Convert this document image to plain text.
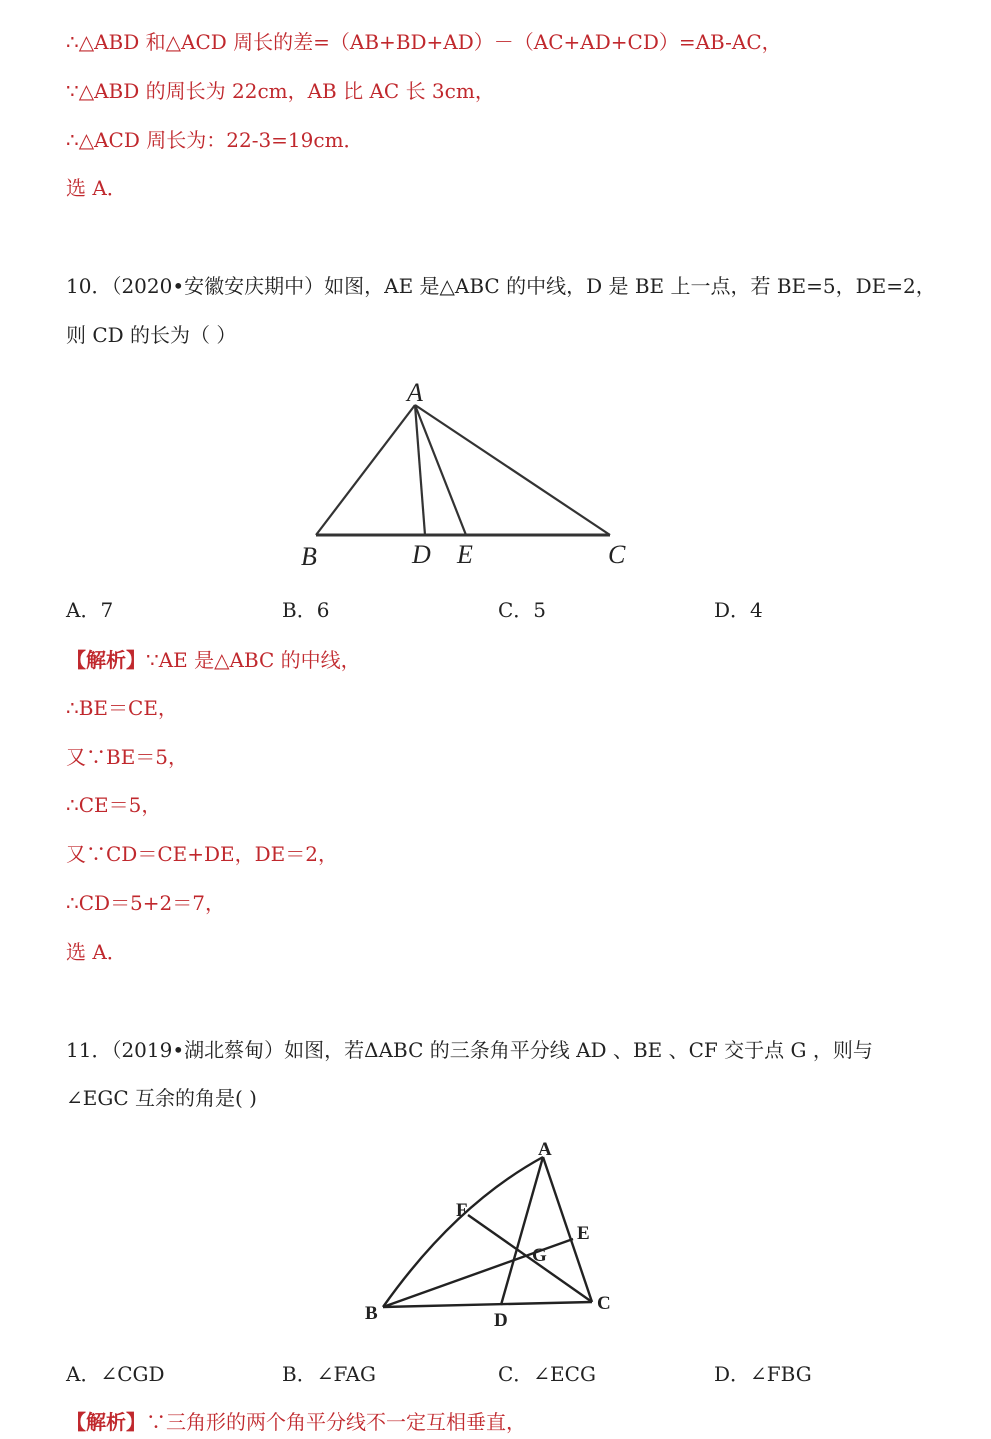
∴△ABD 和△ACD 周长的差=（AB+BD+AD）－（AC+AD+CD）=AB-AC，
∵△ABD 的周长为 22cm，AB 比 AC 长 3cm，
∴△ACD 周长为：22-3=19cm．
选 A．
10．（2020•安徽安庆期中）如图，AE 是△ABC 的中线，D 是 BE 上一点，若 BE=5，DE=2，
则 CD 的长为（ ）
A
B	D E	C
A．7	B．6	C．5	D．4
【解析】∵AE 是△ABC 的中线，
∴BE＝CE，
又∵BE＝5，
∴CE＝5，
又∵CD＝CE+DE，DE＝2，
∴CD＝5+2＝7，
选 A．
11．（2019•湖北蔡甸）如图，若ΔABC 的三条角平分线 AD 、BE 、CF 交于点 G ，则与
∠EGC 互余的角是( )
A
F
E
G
B	C
D
A．∠CGD	B．∠FAG	C．∠ECG	D．∠FBG
【解析】∵三角形的两个角平分线不一定互相垂直，
